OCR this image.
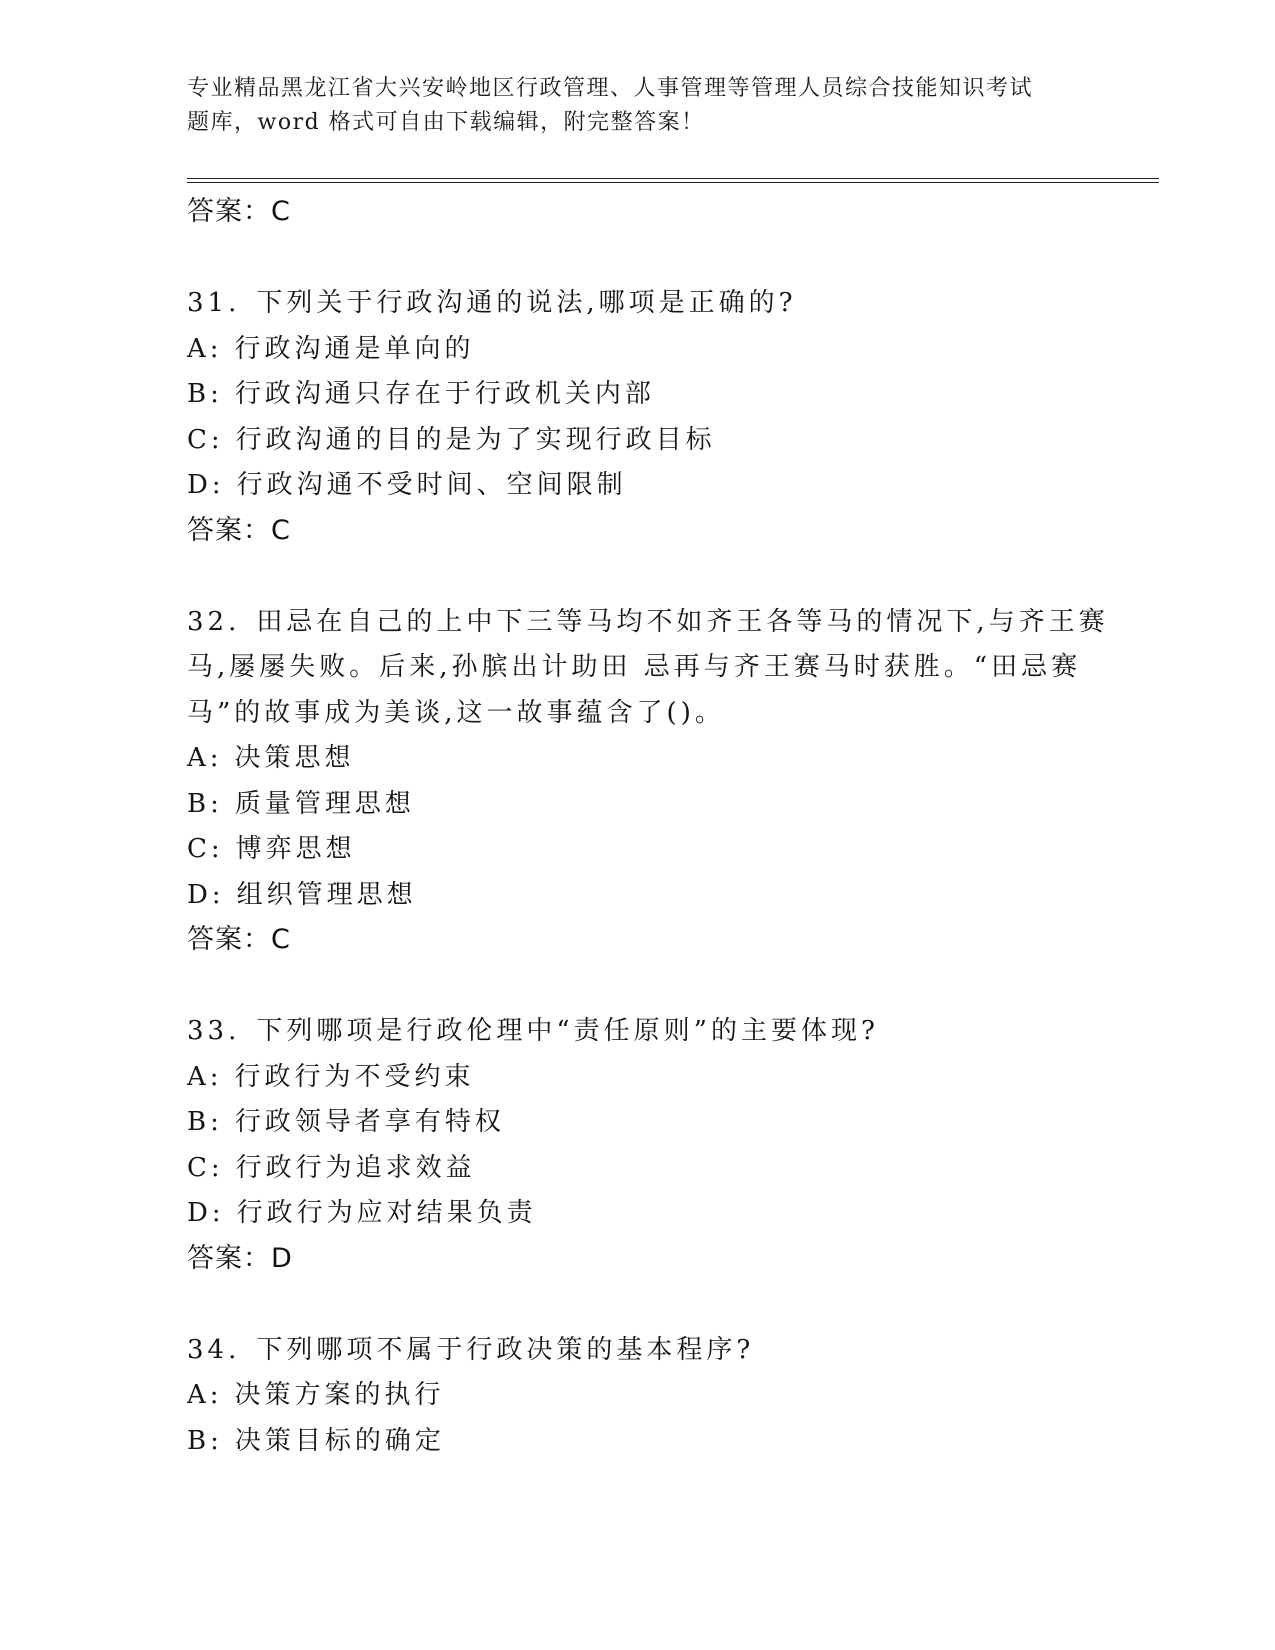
专业精品黑龙江省大兴安岭地区行政管理、人事管理等管理人员综合技能知识考试
题库，word 格式可自由下载编辑，附完整答案！
答案：C
31. 下列关于行政沟通的说法,哪项是正确的?
A: 行政沟通是单向的
B: 行政沟通只存在于行政机关内部
C: 行政沟通的目的是为了实现行政目标
D: 行政沟通不受时间、空间限制
答案：C
32. 田忌在自己的上中下三等马均不如齐王各等马的情况下,与齐王赛
马,屡屡失败。后来,孙膑出计助田 忌再与齐王赛马时获胜。“田忌赛
马”的故事成为美谈,这一故事蕴含了()。
A: 决策思想
B: 质量管理思想
C: 博弈思想
D: 组织管理思想
答案：C
33. 下列哪项是行政伦理中“责任原则”的主要体现?
A: 行政行为不受约束
B: 行政领导者享有特权
C: 行政行为追求效益
D: 行政行为应对结果负责
答案：D
34. 下列哪项不属于行政决策的基本程序?
A: 决策方案的执行
B: 决策目标的确定
